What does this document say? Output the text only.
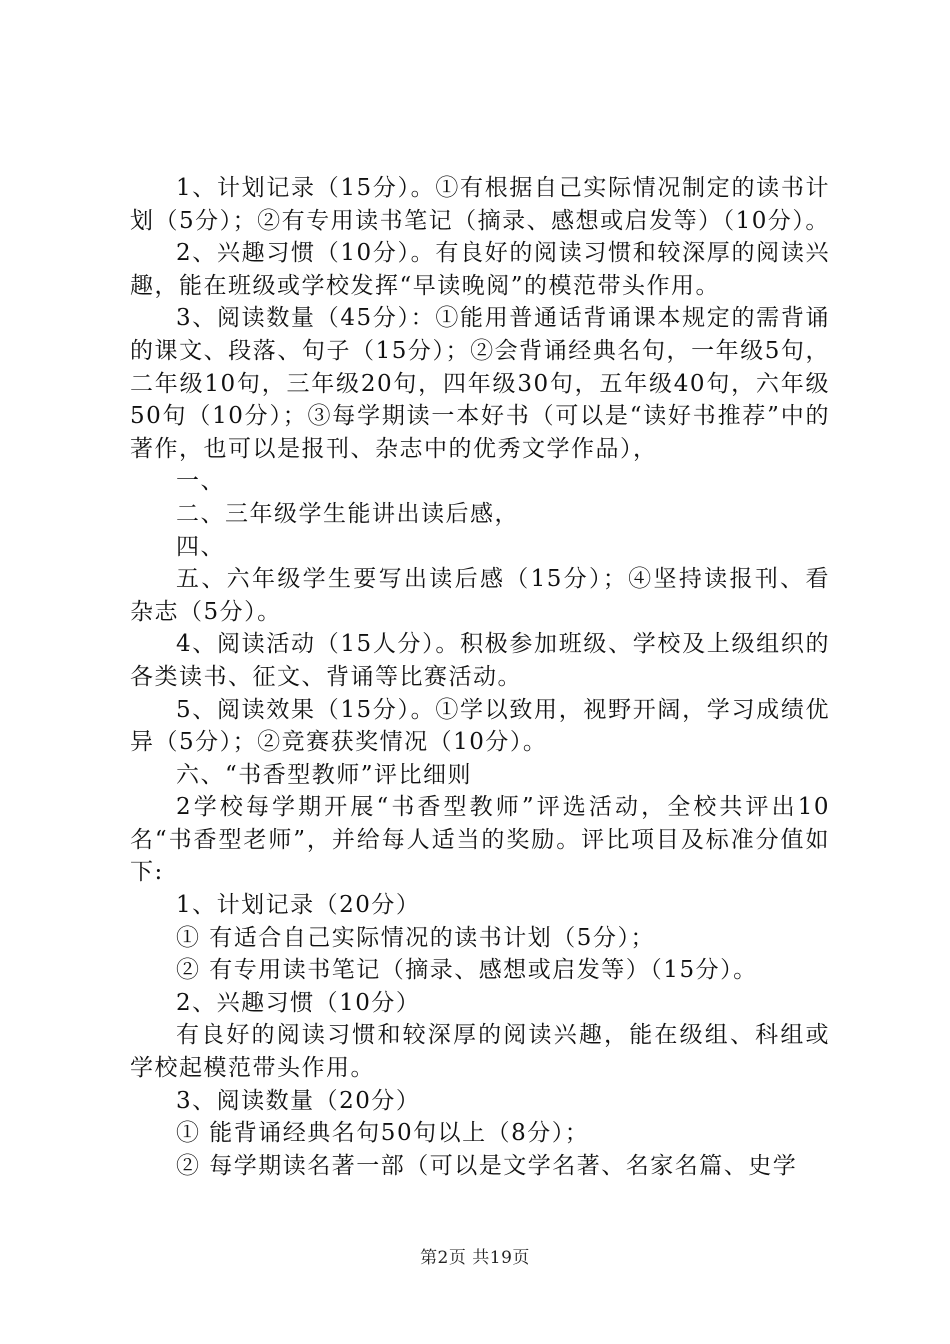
1、计划记录（15分）。①有根据自己实际情况制定的读书计划（5分）；②有专用读书笔记（摘录、感想或启发等）（10分）。

2、兴趣习惯（10分）。有良好的阅读习惯和较深厚的阅读兴趣，能在班级或学校发挥“早读晚阅”的模范带头作用。

3、阅读数量（45分）：①能用普通话背诵课本规定的需背诵的课文、段落、句子（15分）；②会背诵经典名句，一年级5句，二年级10句，三年级20句，四年级30句，五年级40句，六年级50句（10分）；③每学期读一本好书（可以是“读好书推荐”中的著作，也可以是报刊、杂志中的优秀文学作品），

一、

二、三年级学生能讲出读后感，

四、

五、六年级学生要写出读后感（15分）；④坚持读报刊、看杂志（5分）。

4、阅读活动（15人分）。积极参加班级、学校及上级组织的各类读书、征文、背诵等比赛活动。

5、阅读效果（15分）。①学以致用，视野开阔，学习成绩优异（5分）；②竞赛获奖情况（10分）。

六、“书香型教师”评比细则

2学校每学期开展“书香型教师”评选活动，全校共评出10名“书香型老师”，并给每人适当的奖励。评比项目及标准分值如下:

1、计划记录（20分）

① 有适合自己实际情况的读书计划（5分）；

② 有专用读书笔记（摘录、感想或启发等）（15分）。

2、兴趣习惯（10分）

有良好的阅读习惯和较深厚的阅读兴趣，能在级组、科组或学校起模范带头作用。

3、阅读数量（20分）

① 能背诵经典名句50句以上（8分）；

② 每学期读名著一部（可以是文学名著、名家名篇、史学

第2页 共19页
